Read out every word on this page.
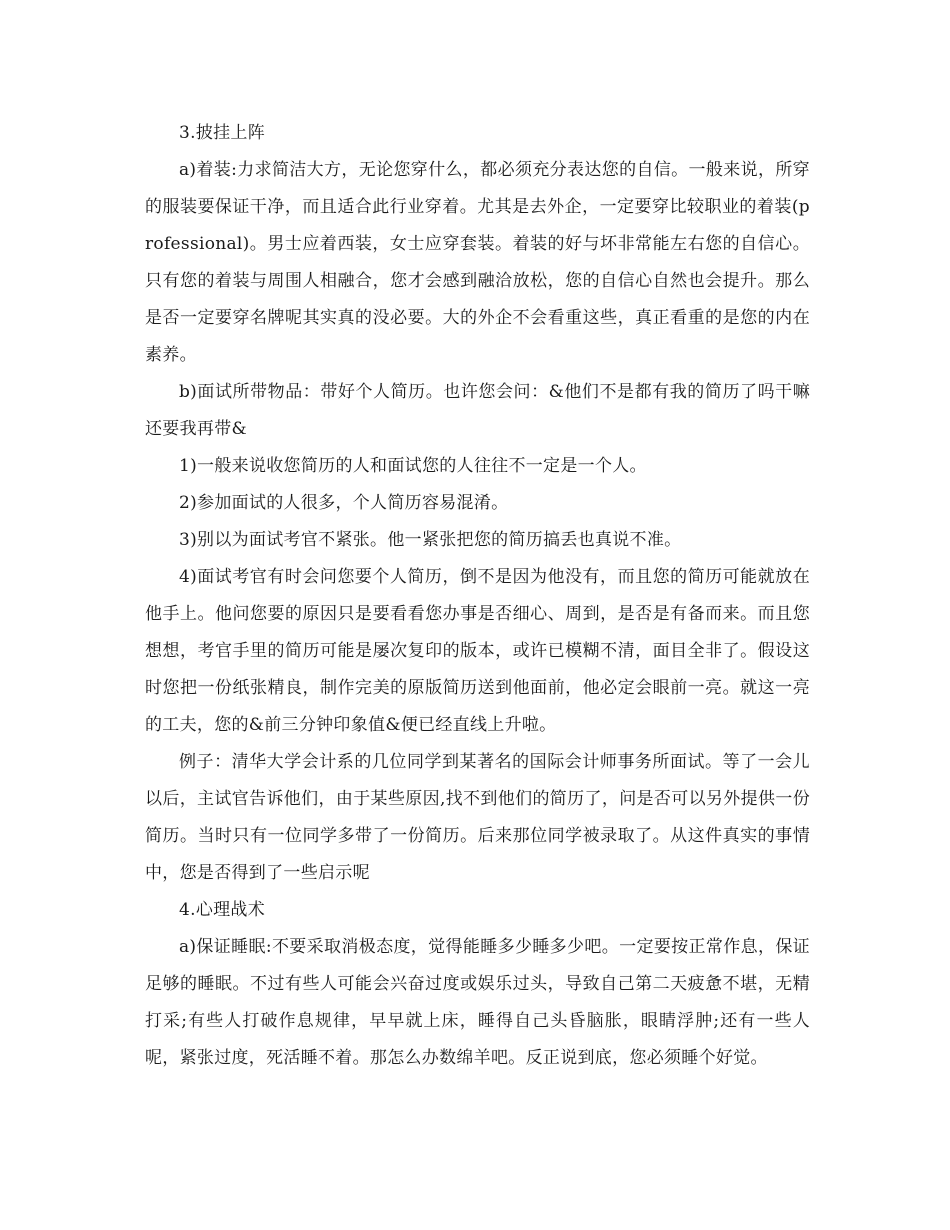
3.披挂上阵

a)着装:力求简洁大方，无论您穿什么，都必须充分表达您的自信。一般来说，所穿的服装要保证干净，而且适合此行业穿着。尤其是去外企，一定要穿比较职业的着装(professional)。男士应着西装，女士应穿套装。着装的好与坏非常能左右您的自信心。只有您的着装与周围人相融合，您才会感到融洽放松，您的自信心自然也会提升。那么是否一定要穿名牌呢其实真的没必要。大的外企不会看重这些，真正看重的是您的内在素养。

b)面试所带物品：带好个人简历。也许您会问：&他们不是都有我的简历了吗干嘛还要我再带&

1)一般来说收您简历的人和面试您的人往往不一定是一个人。

2)参加面试的人很多，个人简历容易混淆。

3)别以为面试考官不紧张。他一紧张把您的简历搞丢也真说不准。

4)面试考官有时会问您要个人简历，倒不是因为他没有，而且您的简历可能就放在他手上。他问您要的原因只是要看看您办事是否细心、周到，是否是有备而来。而且您想想，考官手里的简历可能是屡次复印的版本，或许已模糊不清，面目全非了。假设这时您把一份纸张精良，制作完美的原版简历送到他面前，他必定会眼前一亮。就这一亮的工夫，您的&前三分钟印象值&便已经直线上升啦。

例子：清华大学会计系的几位同学到某著名的国际会计师事务所面试。等了一会儿以后，主试官告诉他们，由于某些原因,找不到他们的简历了，问是否可以另外提供一份简历。当时只有一位同学多带了一份简历。后来那位同学被录取了。从这件真实的事情中，您是否得到了一些启示呢

4.心理战术

a)保证睡眠:不要采取消极态度，觉得能睡多少睡多少吧。一定要按正常作息，保证足够的睡眠。不过有些人可能会兴奋过度或娱乐过头，导致自己第二天疲惫不堪，无精打采;有些人打破作息规律，早早就上床，睡得自己头昏脑胀，眼睛浮肿;还有一些人呢，紧张过度，死活睡不着。那怎么办数绵羊吧。反正说到底，您必须睡个好觉。
